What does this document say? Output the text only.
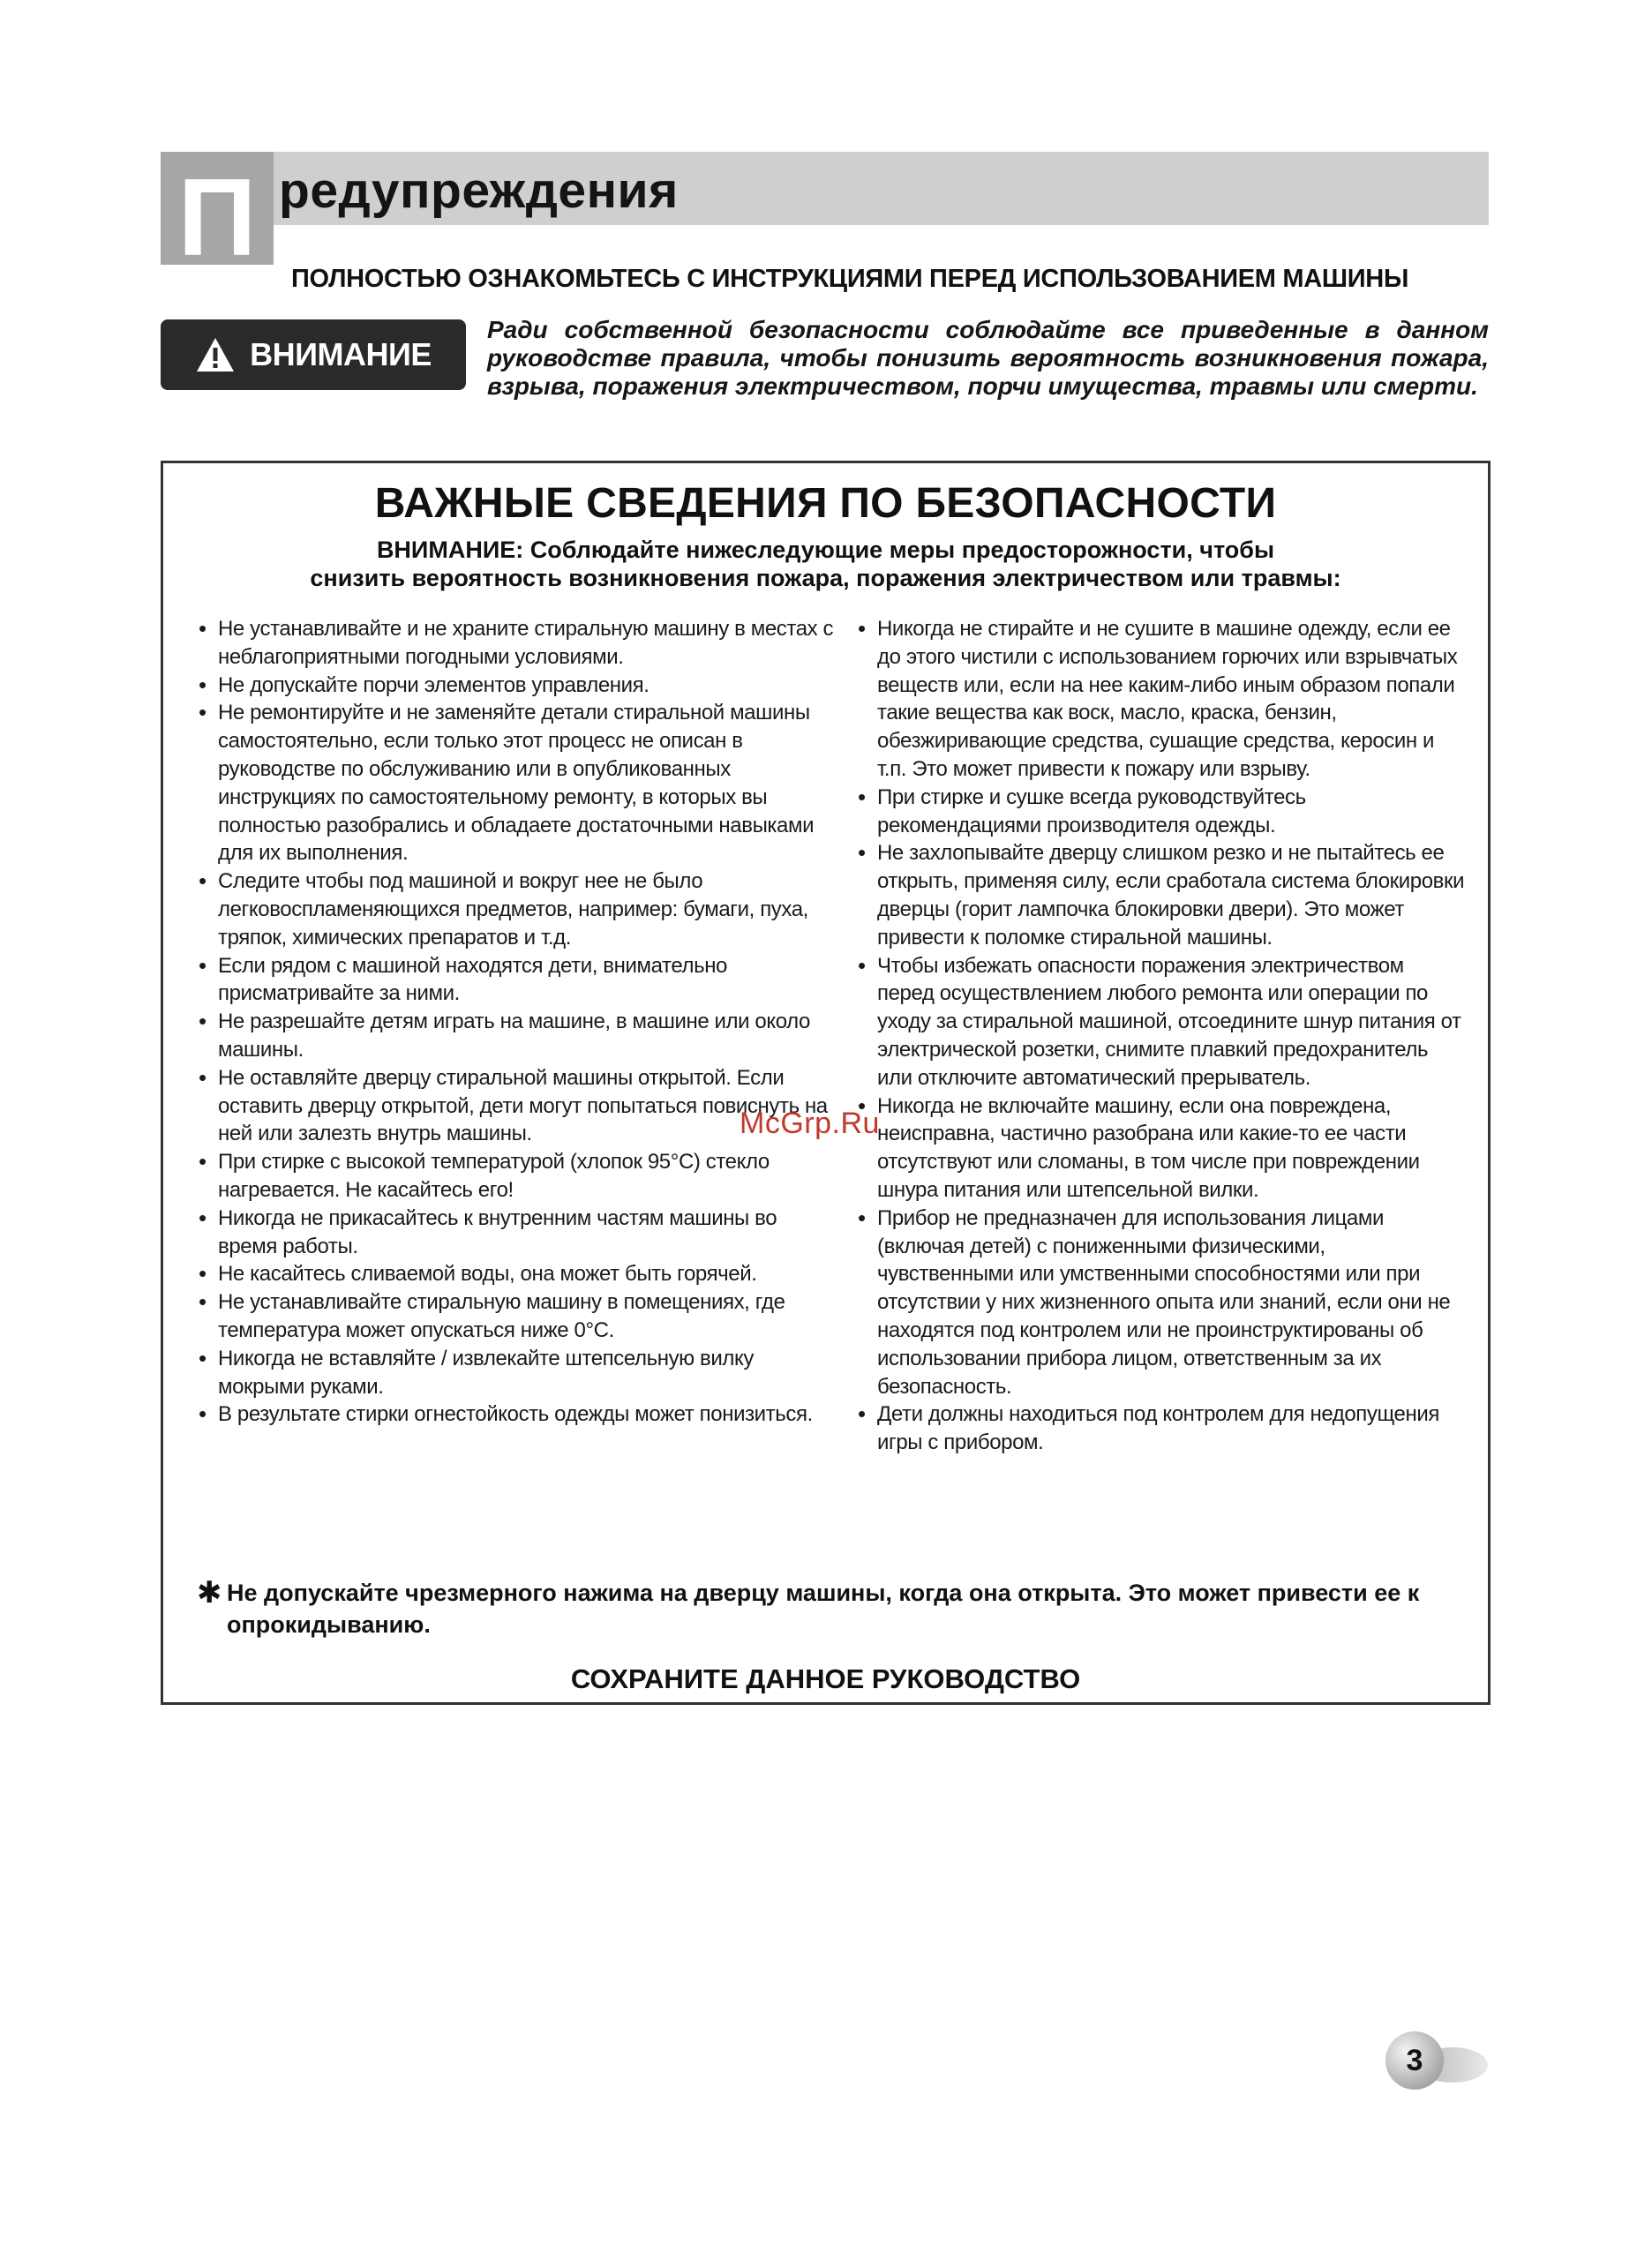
П редупреждения
ПОЛНОСТЬЮ ОЗНАКОМЬТЕСЬ С ИНСТРУКЦИЯМИ ПЕРЕД ИСПОЛЬЗОВАНИЕМ МАШИНЫ
ВНИМАНИЕ
Ради собственной безопасности соблюдайте все приведенные в данном руководстве правила, чтобы понизить вероятность возникновения пожара, взрыва, поражения электричеством, порчи имущества, травмы или смерти.
ВАЖНЫЕ СВЕДЕНИЯ ПО БЕЗОПАСНОСТИ
ВНИМАНИЕ: Соблюдайте нижеследующие меры предосторожности, чтобы
снизить вероятность возникновения пожара, поражения электричеством или травмы:
• Не устанавливайте и не храните стиральную машину в местах с неблагоприятными погодными условиями.
• Не допускайте порчи элементов управления.
• Не ремонтируйте и не заменяйте детали стиральной машины самостоятельно, если только этот процесс не описан в руководстве по обслуживанию или в опубликованных инструкциях по самостоятельному ремонту, в которых вы полностью разобрались и обладаете достаточными навыками для их выполнения.
• Следите чтобы под машиной и вокруг нее не было легковоспламеняющихся предметов, например: бумаги, пуха, тряпок, химических препаратов и т.д.
• Если рядом с машиной находятся дети, внимательно присматривайте за ними.
• Не разрешайте детям играть на машине, в машине или около машины.
• Не оставляйте дверцу стиральной машины открытой. Если оставить дверцу открытой, дети могут попытаться повиснуть на ней или залезть внутрь машины.
• При стирке с высокой температурой (хлопок 95°С) стекло нагревается. Не касайтесь его!
• Никогда не прикасайтесь к внутренним частям машины во время работы.
• Не касайтесь сливаемой воды, она может быть горячей.
• Не устанавливайте стиральную машину в помещениях, где температура может опускаться ниже 0°С.
• Никогда не вставляйте / извлекайте штепсельную вилку мокрыми руками.
• В результате стирки огнестойкость одежды может понизиться.
• Никогда не стирайте и не сушите в машине одежду, если ее до этого чистили с использованием горючих или взрывчатых веществ или, если на нее каким-либо иным образом попали такие вещества как воск, масло, краска, бензин, обезжиривающие средства, сушащие средства, керосин и т.п. Это может привести к пожару или взрыву.
• При стирке и сушке всегда руководствуйтесь рекомендациями производителя одежды.
• Не захлопывайте дверцу слишком резко и не пытайтесь ее открыть, применяя силу, если сработала система блокировки дверцы (горит лампочка блокировки двери). Это может привести к поломке стиральной машины.
• Чтобы избежать опасности поражения электричеством перед осуществлением любого ремонта или операции по уходу за стиральной машиной, отсоедините шнур питания от электрической розетки, снимите плавкий предохранитель или отключите автоматический прерыватель.
• Никогда не включайте машину, если она повреждена, неисправна, частично разобрана или какие-то ее части отсутствуют или сломаны, в том числе при повреждении шнура питания или штепсельной вилки.
• Прибор не предназначен для использования лицами (включая детей) с пониженными физическими, чувственными или умственными способностями или при отсутствии у них жизненного опыта или знаний, если они не находятся под контролем или не проинструктированы об использовании прибора лицом, ответственным за их безопасность.
• Дети должны находиться под контролем для недопущения игры с прибором.
✱ Не допускайте чрезмерного нажима на дверцу машины, когда она открыта. Это может привести ее к опрокидыванию.
СОХРАНИТЕ ДАННОЕ РУКОВОДСТВО
McGrp.Ru
3
